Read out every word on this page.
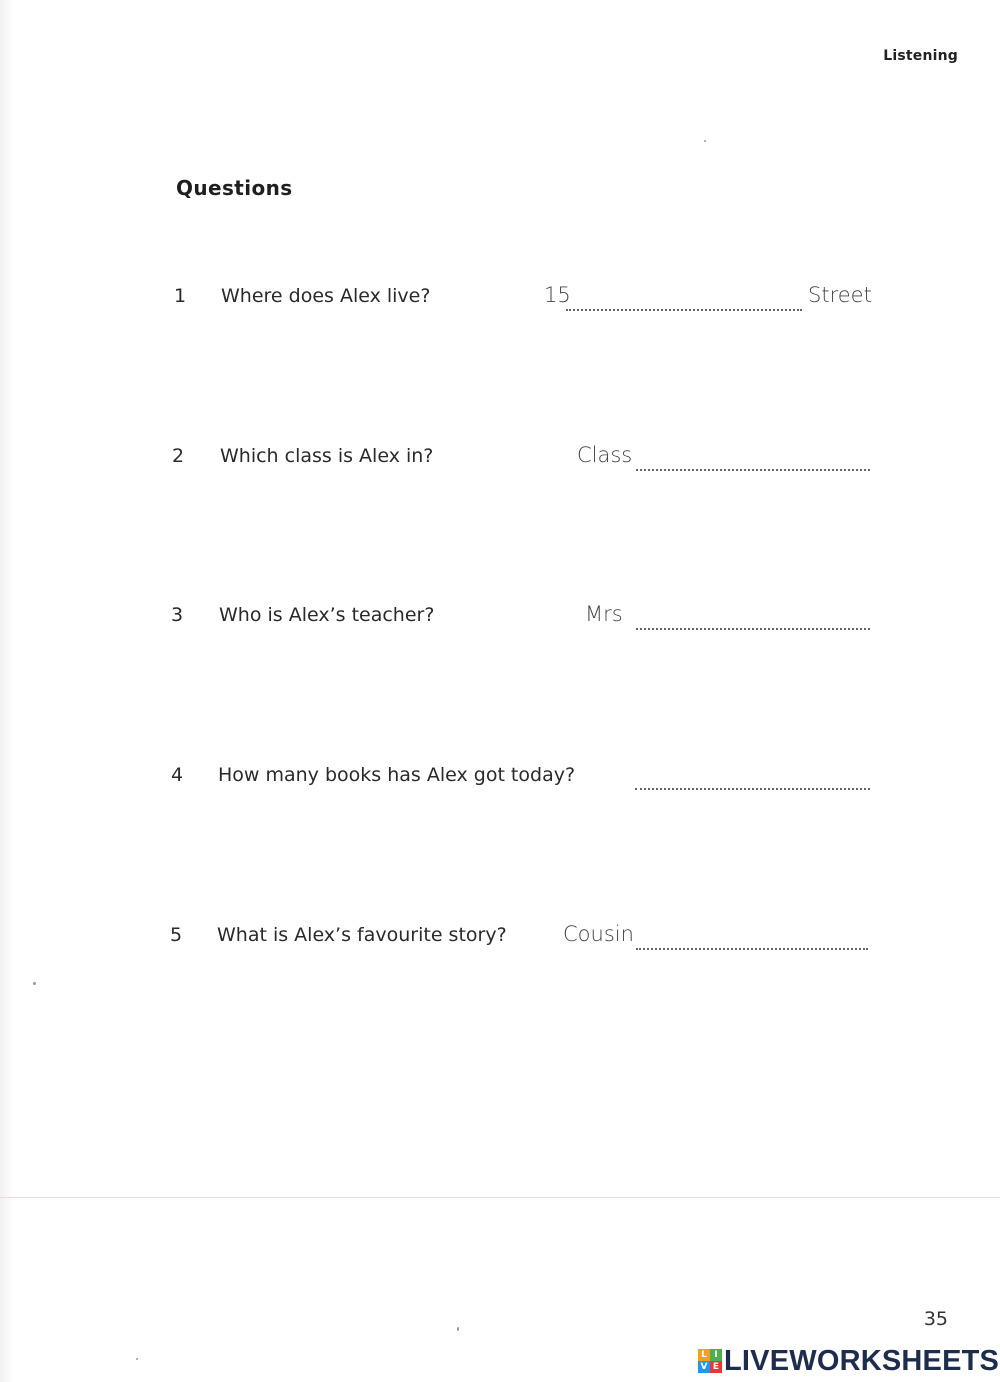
Listening
Questions
1 Where does Alex live?	15	Street
2 Which class is Alex in?	Class
3 Who is Alex’s teacher?	Mrs
4 How many books has Alex got today?
5 What is Alex’s favourite story?	Cousin
35
L I
V E LIVEWORKSHEETS
